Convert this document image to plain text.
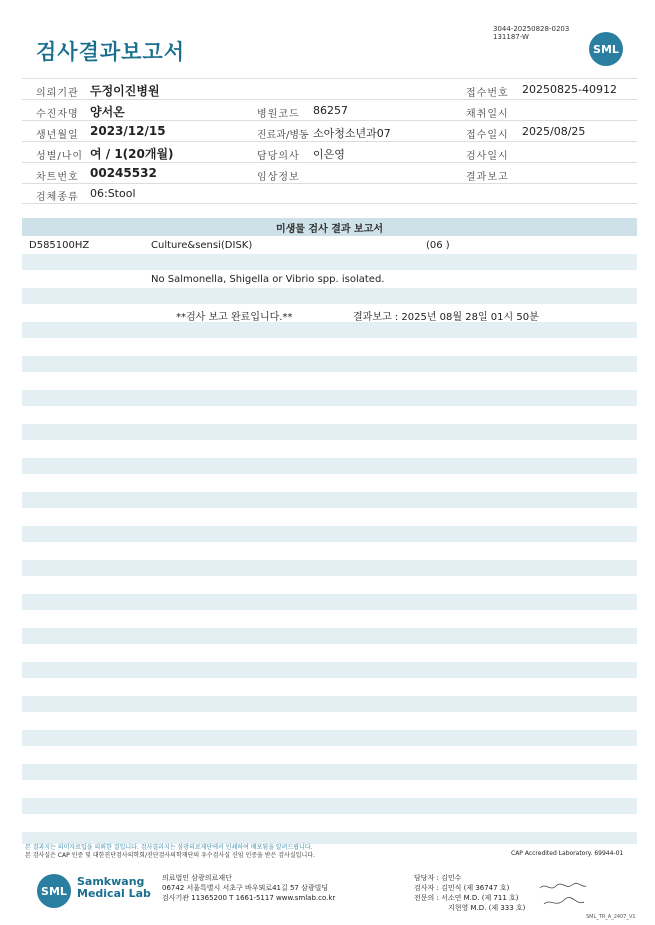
검사결과보고서
3044-20250828-0203
131187-W
SML
의뢰기관 두정이진병원	접수번호 20250825-40912
수진자명 양서온	병원코드 86257	채취일시
생년월일 2023/12/15	진료과/병동 소아청소년과07	접수일시 2025/08/25
성별/나이 여 / 1(20개월)	담당의사 이은영	검사일시
차트번호 00245532	임상정보	결과보고
검체종류 06:Stool
미생물 검사 결과 보고서
D585100HZ	Culture&sensi(DISK)	(06 )
No Salmonella, Shigella or Vibrio spp. isolated.
**검사 보고 완료입니다.**	결과보고 : 2025년 08월 28일 01시 50분
본 결과지는 의미자료입을 의뢰한 결입니다. 검사결과지는 삼광의료재단에서 인쇄하여 배포됨을 알려드립니다.
본 검사실은 CAP 인증 및 대한진단검사의학회/진단검사의학재단의 우수검사실 신임 인증을 받은 검사실입니다.	CAP Accredited Laboratory. 69944-01
SML
Samkwang
Medical Lab
의료법인 삼광의료재단
06742 서울특별시 서초구 바우뫼로41길 57 삼광빌딩
검사기관 11365200 T 1661-5117 www.smlab.co.kr
담당자 : 김민수
검사자 : 김민식 (제 36747 호)
전문의 : 서소연 M.D. (제 711 호)
지현영 M.D. (제 333 호)
SML_TR_A_2407_V1
